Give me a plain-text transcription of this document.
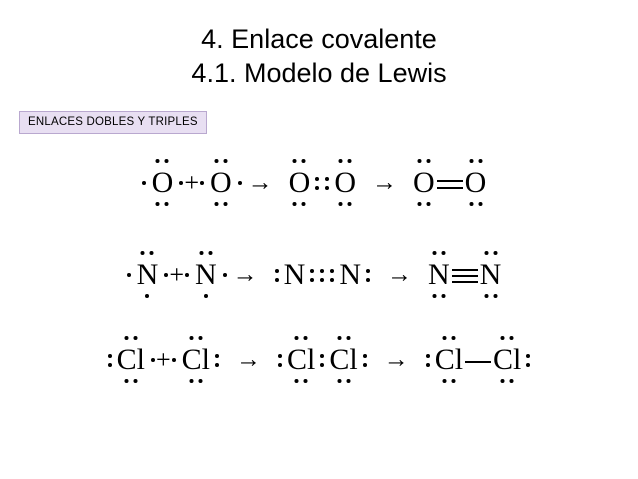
4. Enlace covalente
4.1. Modelo de Lewis
ENLACES DOBLES Y TRIPLES
O + O → O O → O O
N + N → N N	→ N N
Cl + Cl	→ Cl Cl	→ Cl Cl
